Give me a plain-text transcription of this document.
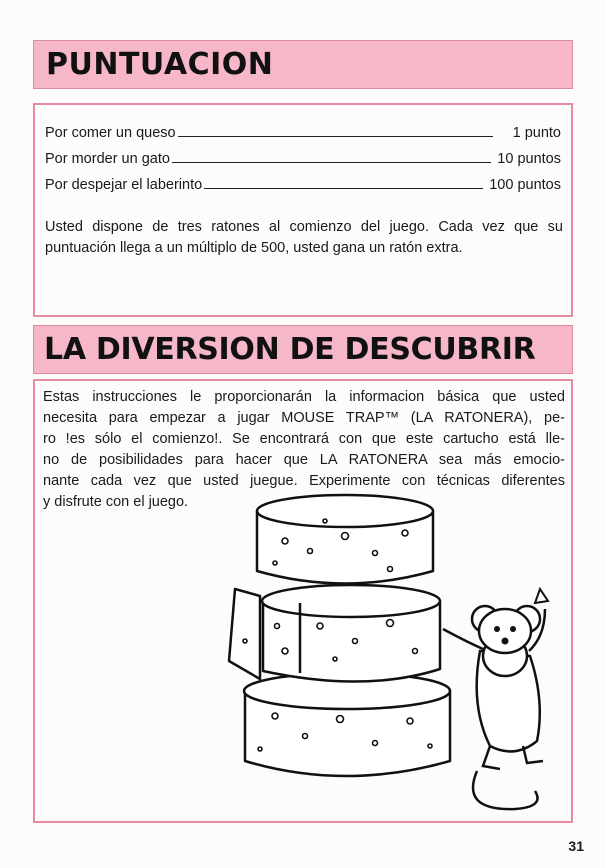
PUNTUACION
Por comer un queso	1 punto
Por morder un gato	10 puntos
Por despejar el laberinto	100 puntos

Usted dispone de tres ratones al comienzo del juego. Cada vez que su
puntuación llega a un múltiplo de 500, usted gana un ratón extra.

LA DIVERSION DE DESCUBRIR

Estas instrucciones le proporcionarán la informacion básica que usted
necesita para empezar a jugar MOUSE TRAP™ (LA RATONERA), pe-
ro !es sólo el comienzo!. Se encontrará con que este cartucho está lle-
no de posibilidades para hacer que LA RATONERA sea más emocio-
nante cada vez que usted juegue. Experimente con técnicas diferentes
y disfrute con el juego.

31
